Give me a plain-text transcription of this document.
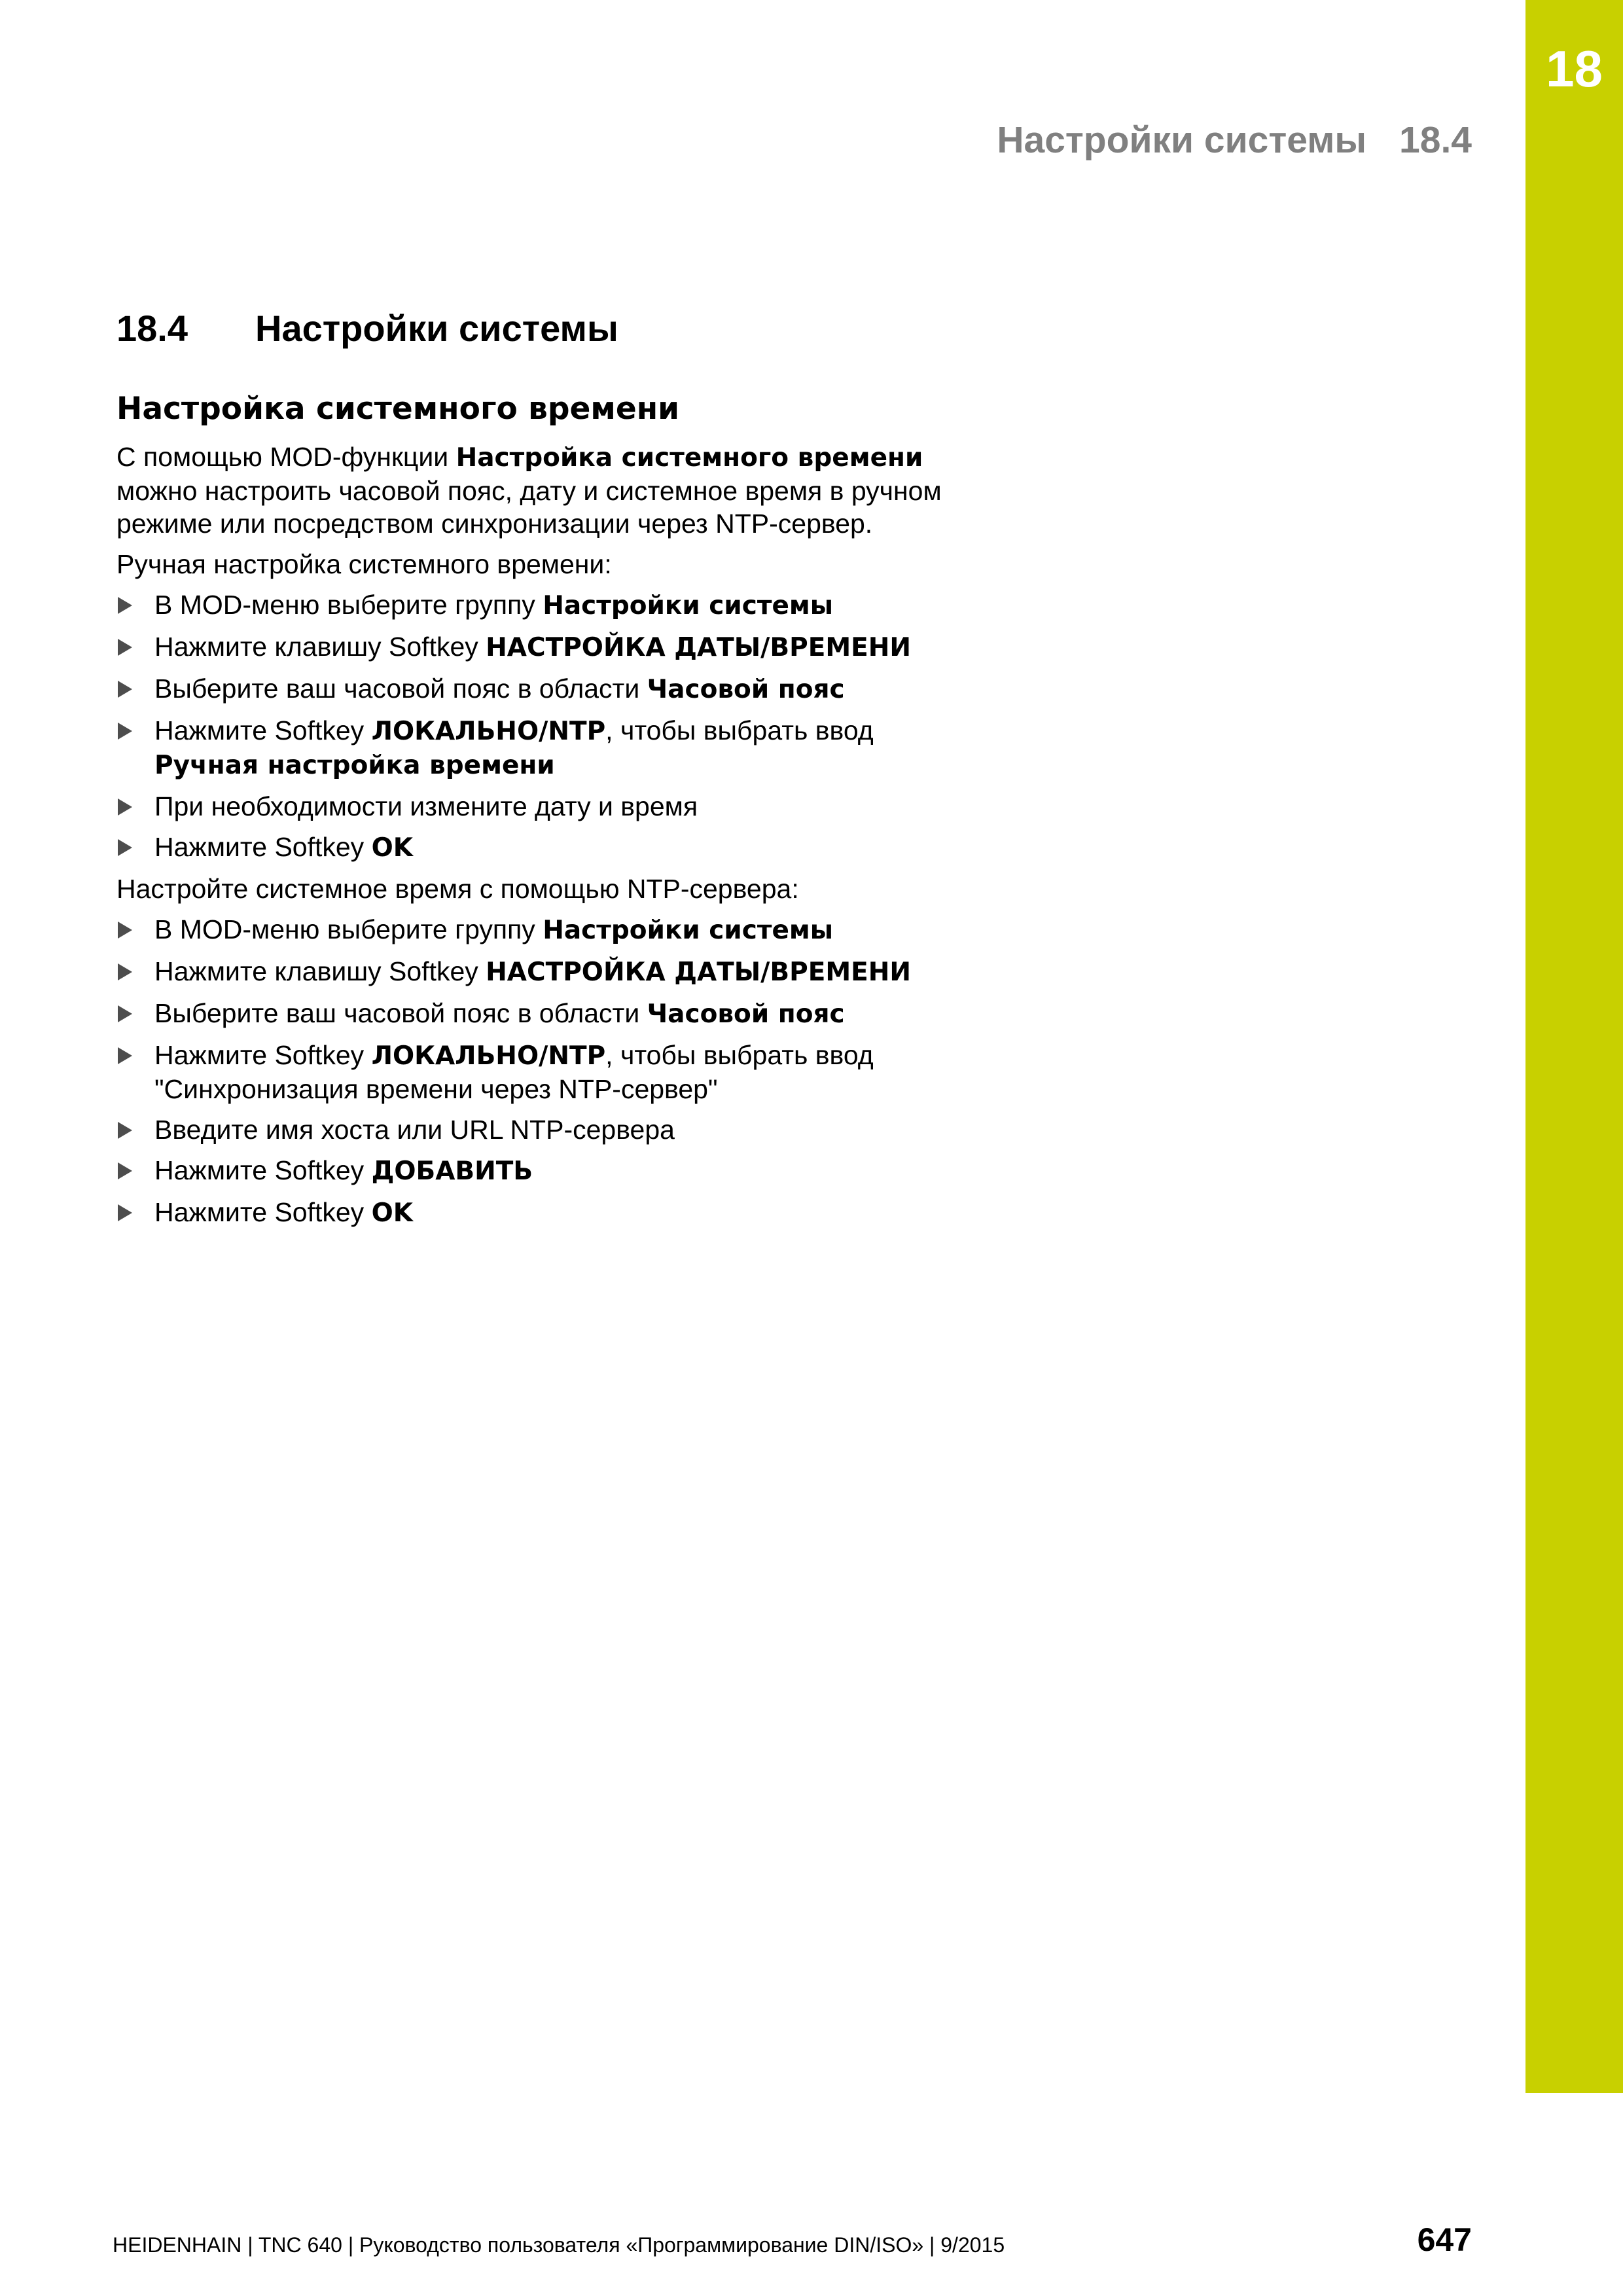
18
Настройки системы 18.4
18.4 Настройки системы
Настройка системного времени

С помощью MOD-функции Настройка системного времени можно настроить часовой пояс, дату и системное время в ручном режиме или посредством синхронизации через NTP-сервер.

Ручная настройка системного времени:

В MOD-меню выберите группу Настройки системы
Нажмите клавишу Softkey НАСТРОЙКА ДАТЫ/ВРЕМЕНИ
Выберите ваш часовой пояс в области Часовой пояс
Нажмите Softkey ЛОКАЛЬНО/NTP, чтобы выбрать ввод
Ручная настройка времени
При необходимости измените дату и время
Нажмите Softkey OK

Настройте системное время с помощью NTP-сервера:

В MOD-меню выберите группу Настройки системы
Нажмите клавишу Softkey НАСТРОЙКА ДАТЫ/ВРЕМЕНИ
Выберите ваш часовой пояс в области Часовой пояс
Нажмите Softkey ЛОКАЛЬНО/NTP, чтобы выбрать ввод "Синхронизация времени через NTP-сервер"
Введите имя хоста или URL NTP-сервера
Нажмите Softkey ДОБАВИТЬ
Нажмите Softkey OK
HEIDENHAIN | TNC 640 | Руководство пользователя «Программирование DIN/ISO» | 9/2015	647
